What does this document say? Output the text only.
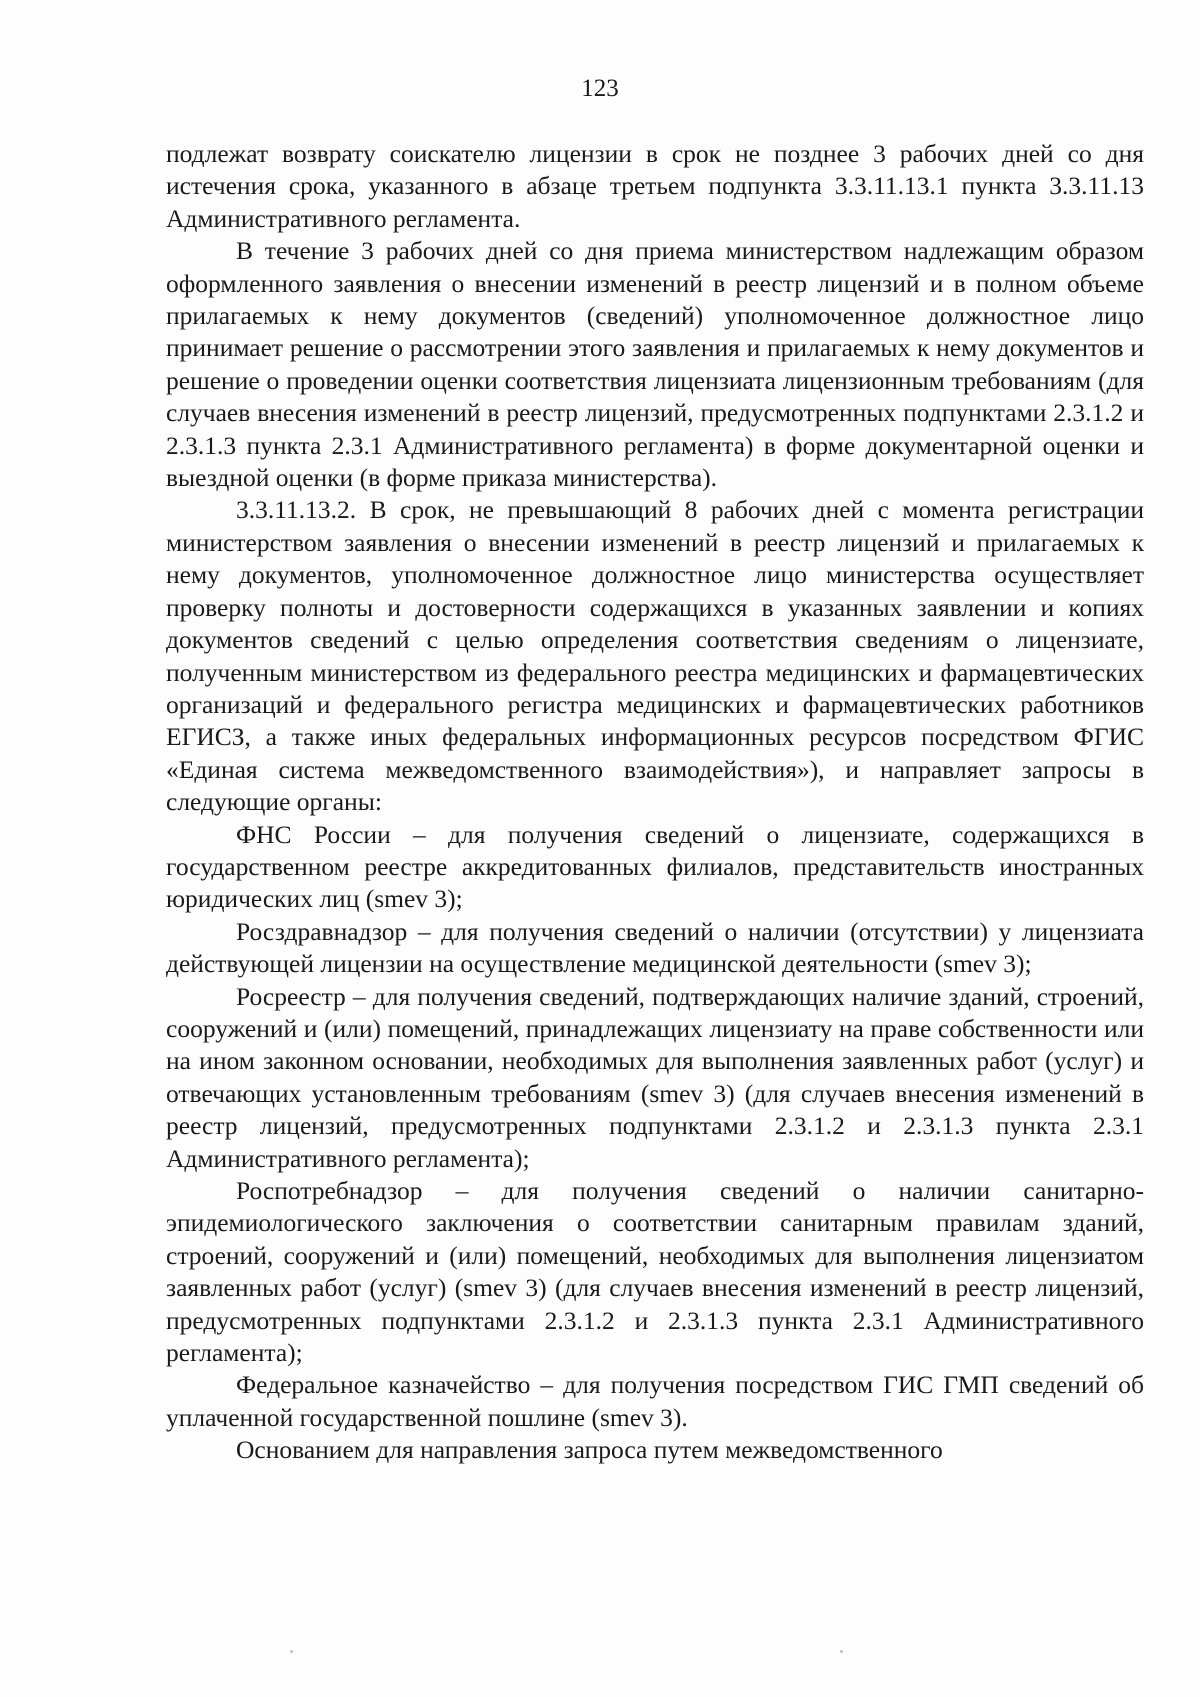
123

подлежат возврату соискателю лицензии в срок не позднее 3 рабочих дней со дня истечения срока, указанного в абзаце третьем подпункта 3.3.11.13.1 пункта 3.3.11.13 Административного регламента.

В течение 3 рабочих дней со дня приема министерством надлежащим образом оформленного заявления о внесении изменений в реестр лицензий и в полном объеме прилагаемых к нему документов (сведений) уполномоченное должностное лицо принимает решение о рассмотрении этого заявления и прилагаемых к нему документов и решение о проведении оценки соответствия лицензиата лицензионным требованиям (для случаев внесения изменений в реестр лицензий, предусмотренных подпунктами 2.3.1.2 и 2.3.1.3 пункта 2.3.1 Административного регламента) в форме документарной оценки и выездной оценки (в форме приказа министерства).

3.3.11.13.2. В срок, не превышающий 8 рабочих дней с момента регистрации министерством заявления о внесении изменений в реестр лицензий и прилагаемых к нему документов, уполномоченное должностное лицо министерства осуществляет проверку полноты и достоверности содержащихся в указанных заявлении и копиях документов сведений с целью определения соответствия сведениям о лицензиате, полученным министерством из федерального реестра медицинских и фармацевтических организаций и федерального регистра медицинских и фармацевтических работников ЕГИСЗ, а также иных федеральных информационных ресурсов посредством ФГИС «Единая система межведомственного взаимодействия»), и направляет запросы в следующие органы:

ФНС России – для получения сведений о лицензиате, содержащихся в государственном реестре аккредитованных филиалов, представительств иностранных юридических лиц (smev 3);

Росздравнадзор – для получения сведений о наличии (отсутствии) у лицензиата действующей лицензии на осуществление медицинской деятельности (smev 3);

Росреестр – для получения сведений, подтверждающих наличие зданий, строений, сооружений и (или) помещений, принадлежащих лицензиату на праве собственности или на ином законном основании, необходимых для выполнения заявленных работ (услуг) и отвечающих установленным требованиям (smev 3) (для случаев внесения изменений в реестр лицензий, предусмотренных подпунктами 2.3.1.2 и 2.3.1.3 пункта 2.3.1 Административного регламента);

Роспотребнадзор – для получения сведений о наличии санитарно-эпидемиологического заключения о соответствии санитарным правилам зданий, строений, сооружений и (или) помещений, необходимых для выполнения лицензиатом заявленных работ (услуг) (smev 3) (для случаев внесения изменений в реестр лицензий, предусмотренных подпунктами 2.3.1.2 и 2.3.1.3 пункта 2.3.1 Административного регламента);

Федеральное казначейство – для получения посредством ГИС ГМП сведений об уплаченной государственной пошлине (smev 3).

Основанием для направления запроса путем межведомственного
